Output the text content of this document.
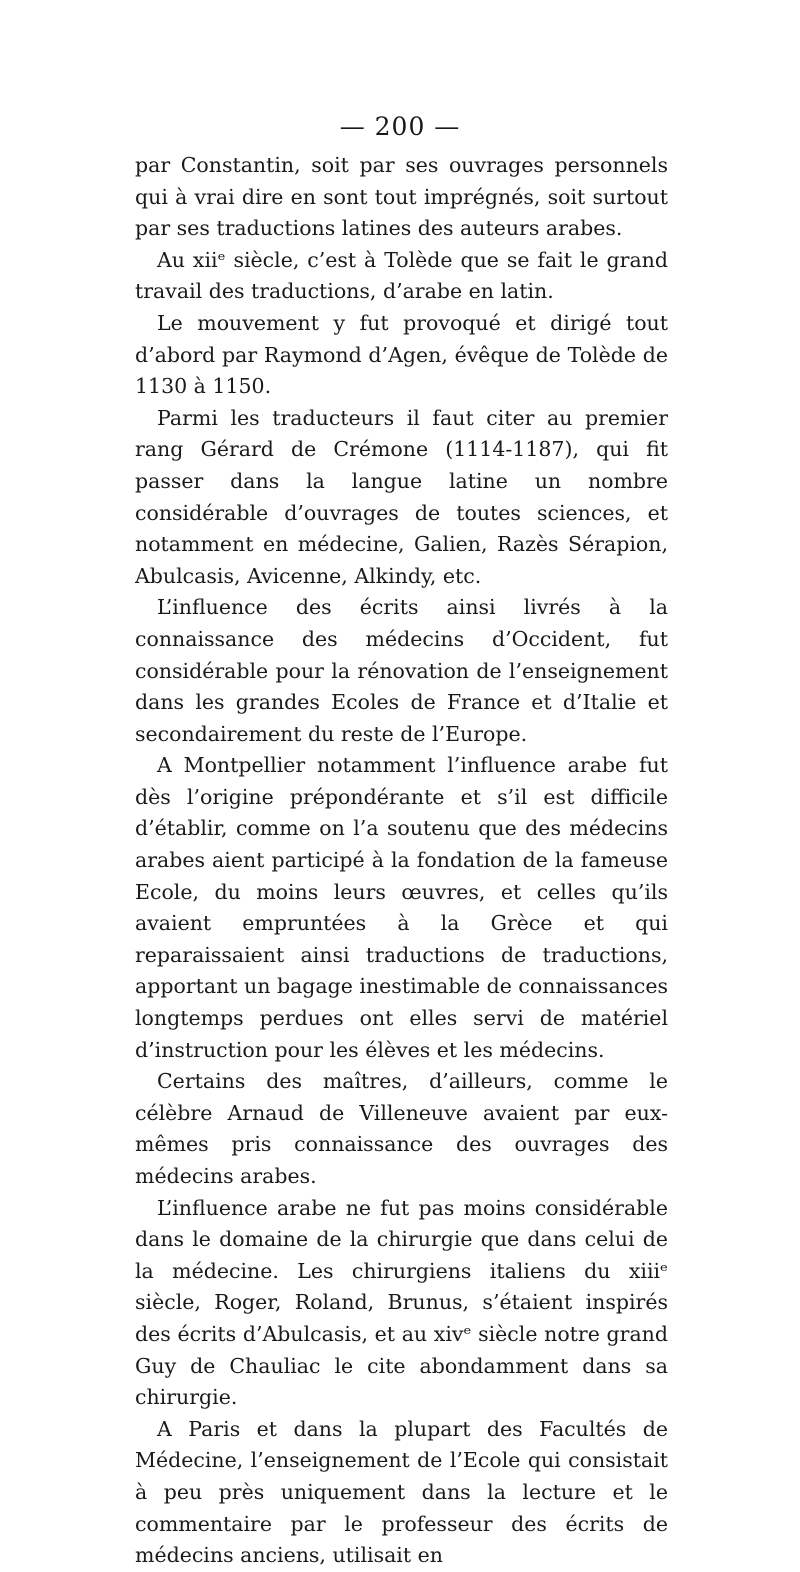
— 200 —

par Constantin, soit par ses ouvrages personnels qui à vrai dire en sont tout imprégnés, soit surtout par ses traductions latines des auteurs arabes.

Au xiiᵉ siècle, c’est à Tolède que se fait le grand travail des traductions, d’arabe en latin.

Le mouvement y fut provoqué et dirigé tout d’abord par Raymond d’Agen, évêque de Tolède de 1130 à 1150.

Parmi les traducteurs il faut citer au premier rang Gérard de Crémone (1114-1187), qui fit passer dans la langue latine un nombre considérable d’ouvrages de toutes sciences, et notamment en médecine, Galien, Razès Sérapion, Abulcasis, Avicenne, Alkindy, etc.

L’influence des écrits ainsi livrés à la connaissance des médecins d’Occident, fut considérable pour la rénovation de l’enseignement dans les grandes Ecoles de France et d’Italie et secondairement du reste de l’Europe.

A Montpellier notamment l’influence arabe fut dès l’origine prépondérante et s’il est difficile d’établir, comme on l’a soutenu que des médecins arabes aient participé à la fondation de la fameuse Ecole, du moins leurs œuvres, et celles qu’ils avaient empruntées à la Grèce et qui reparaissaient ainsi traductions de traductions, apportant un bagage inestimable de connaissances longtemps perdues ont elles servi de matériel d’instruction pour les élèves et les médecins.

Certains des maîtres, d’ailleurs, comme le célèbre Arnaud de Villeneuve avaient par eux-mêmes pris connaissance des ouvrages des médecins arabes.

L’influence arabe ne fut pas moins considérable dans le domaine de la chirurgie que dans celui de la médecine. Les chirurgiens italiens du xiiiᵉ siècle, Roger, Roland, Brunus, s’étaient inspirés des écrits d’Abulcasis, et au xivᵉ siècle notre grand Guy de Chauliac le cite abondamment dans sa chirurgie.

A Paris et dans la plupart des Facultés de Médecine, l’enseignement de l’Ecole qui consistait à peu près uniquement dans la lecture et le commentaire par le professeur des écrits de médecins anciens, utilisait en
